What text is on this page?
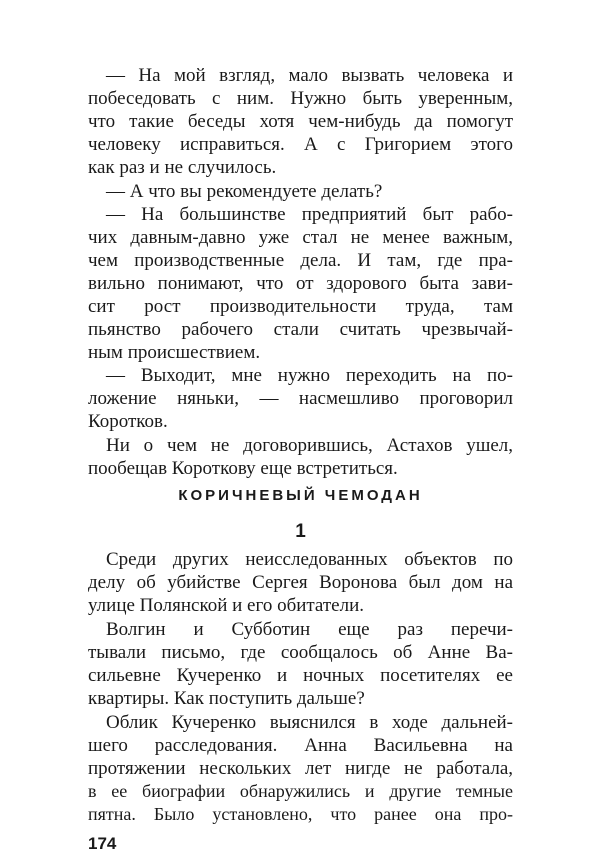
— На мой взгляд, мало вызвать человека и
побеседовать с ним. Нужно быть уверенным,
что такие беседы хотя чем-нибудь да помогут
человеку исправиться. А с Григорием этого
как раз и не случилось.
— А что вы рекомендуете делать?
— На большинстве предприятий быт рабо-
чих давным-давно уже стал не менее важным,
чем производственные дела. И там, где пра-
вильно понимают, что от здорового быта зави-
сит рост производительности труда, там
пьянство рабочего стали считать чрезвычай-
ным происшествием.
— Выходит, мне нужно переходить на по-
ложение няньки, — насмешливо проговорил
Коротков.
Ни о чем не договорившись, Астахов ушел,
пообещав Короткову еще встретиться.
КОРИЧНЕВЫЙ ЧЕМОДАН
1
Среди других неисследованных объектов по
делу об убийстве Сергея Воронова был дом на
улице Полянской и его обитатели.
Волгин и Субботин еще раз перечи-
тывали письмо, где сообщалось об Анне Ва-
сильевне Кучеренко и ночных посетителях ее
квартиры. Как поступить дальше?
Облик Кучеренко выяснился в ходе дальней-
шего расследования. Анна Васильевна на
протяжении нескольких лет нигде не работала,
в ее биографии обнаружились и другие темные
пятна. Было установлено, что ранее она про-
174
